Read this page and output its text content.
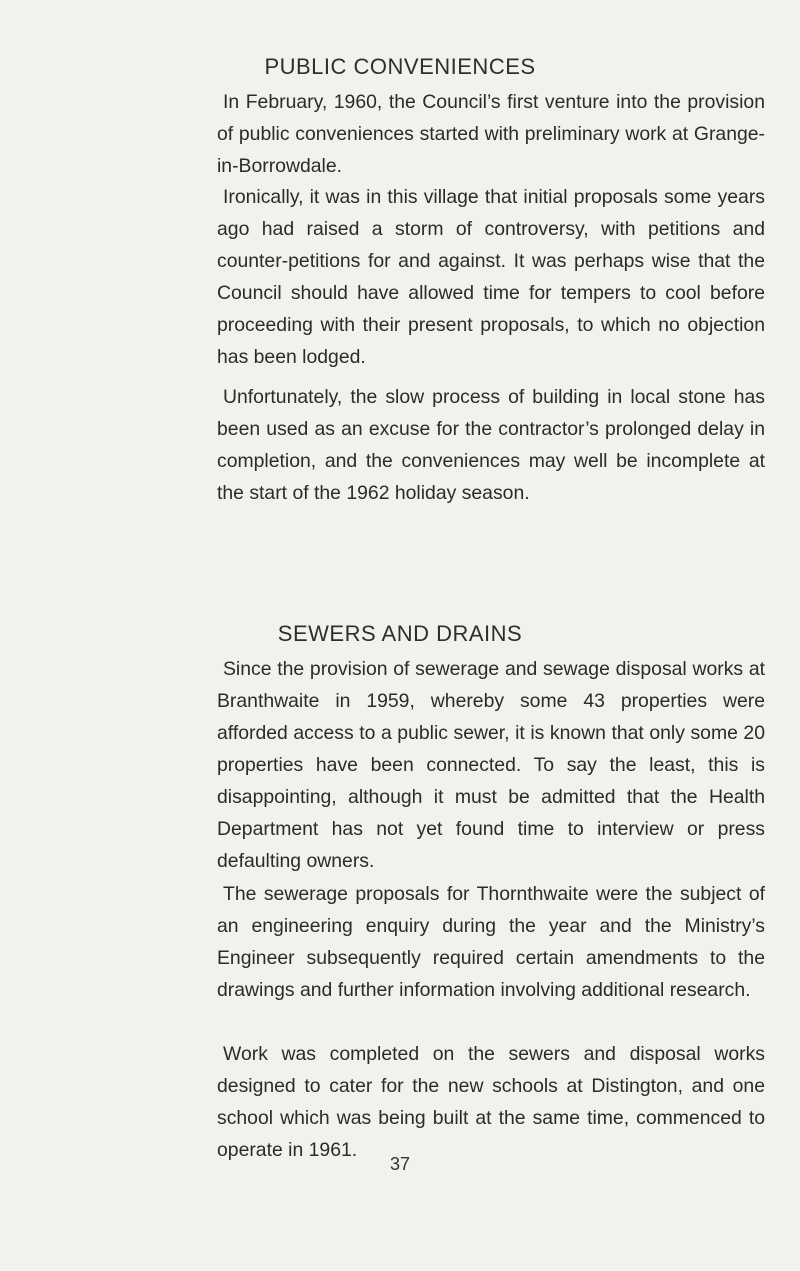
PUBLIC CONVENIENCES

In February, 1960, the Council’s first venture into the provision of public conveniences started with preliminary work at Grange-in-Borrowdale.

Ironically, it was in this village that initial proposals some years ago had raised a storm of controversy, with petitions and counter-petitions for and against. It was perhaps wise that the Council should have allowed time for tempers to cool before proceeding with their present proposals, to which no objection has been lodged.

Unfortunately, the slow process of building in local stone has been used as an excuse for the contractor’s prolonged delay in completion, and the conveniences may well be incomplete at the start of the 1962 holiday season.

SEWERS AND DRAINS

Since the provision of sewerage and sewage disposal works at Branthwaite in 1959, whereby some 43 properties were afforded access to a public sewer, it is known that only some 20 properties have been connected. To say the least, this is disappointing, although it must be admitted that the Health Department has not yet found time to interview or press defaulting owners.

The sewerage proposals for Thornthwaite were the subject of an engineering enquiry during the year and the Ministry’s Engineer subsequently required certain amendments to the drawings and further information involving additional research.

Work was completed on the sewers and disposal works designed to cater for the new schools at Distington, and one school which was being built at the same time, commenced to operate in 1961.

37
